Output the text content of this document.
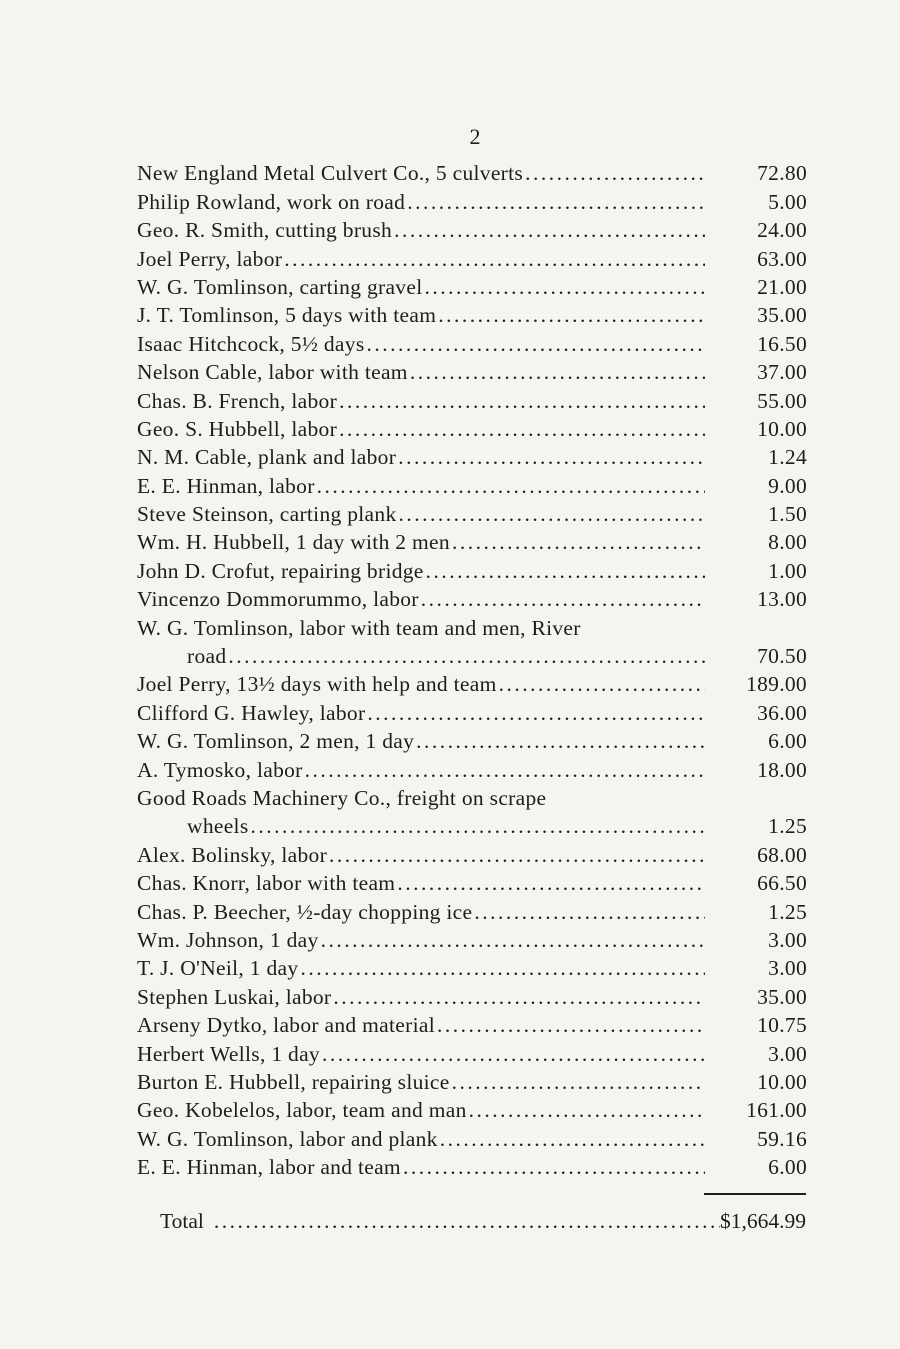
2
New England Metal Culvert Co., 5 culverts .....	72.80
Philip Rowland, work on road .....	5.00
Geo. R. Smith, cutting brush .....	24.00
Joel Perry, labor .....	63.00
W. G. Tomlinson, carting gravel .....	21.00
J. T. Tomlinson, 5 days with team .....	35.00
Isaac Hitchcock, 5½ days .....	16.50
Nelson Cable, labor with team .....	37.00
Chas. B. French, labor .....	55.00
Geo. S. Hubbell, labor .....	10.00
N. M. Cable, plank and labor .....	1.24
E. E. Hinman, labor .....	9.00
Steve Steinson, carting plank .....	1.50
Wm. H. Hubbell, 1 day with 2 men .....	8.00
John D. Crofut, repairing bridge .....	1.00
Vincenzo Dommorummo, labor .....	13.00
W. G. Tomlinson, labor with team and men, River
road .....	70.50
Joel Perry, 13½ days with help and team .....	189.00
Clifford G. Hawley, labor .....	36.00
W. G. Tomlinson, 2 men, 1 day .....	6.00
A. Tymosko, labor .....	18.00
Good Roads Machinery Co., freight on scrape
wheels .....	1.25
Alex. Bolinsky, labor .....	68.00
Chas. Knorr, labor with team .....	66.50
Chas. P. Beecher, ½-day chopping ice .....	1.25
Wm. Johnson, 1 day .....	3.00
T. J. O'Neil, 1 day .....	3.00
Stephen Luskai, labor .....	35.00
Arseny Dytko, labor and material .....	10.75
Herbert Wells, 1 day .....	3.00
Burton E. Hubbell, repairing sluice .....	10.00
Geo. Kobelelos, labor, team and man .....	161.00
W. G. Tomlinson, labor and plank .....	59.16
E. E. Hinman, labor and team .....	6.00
Total .....	$1,664.99
